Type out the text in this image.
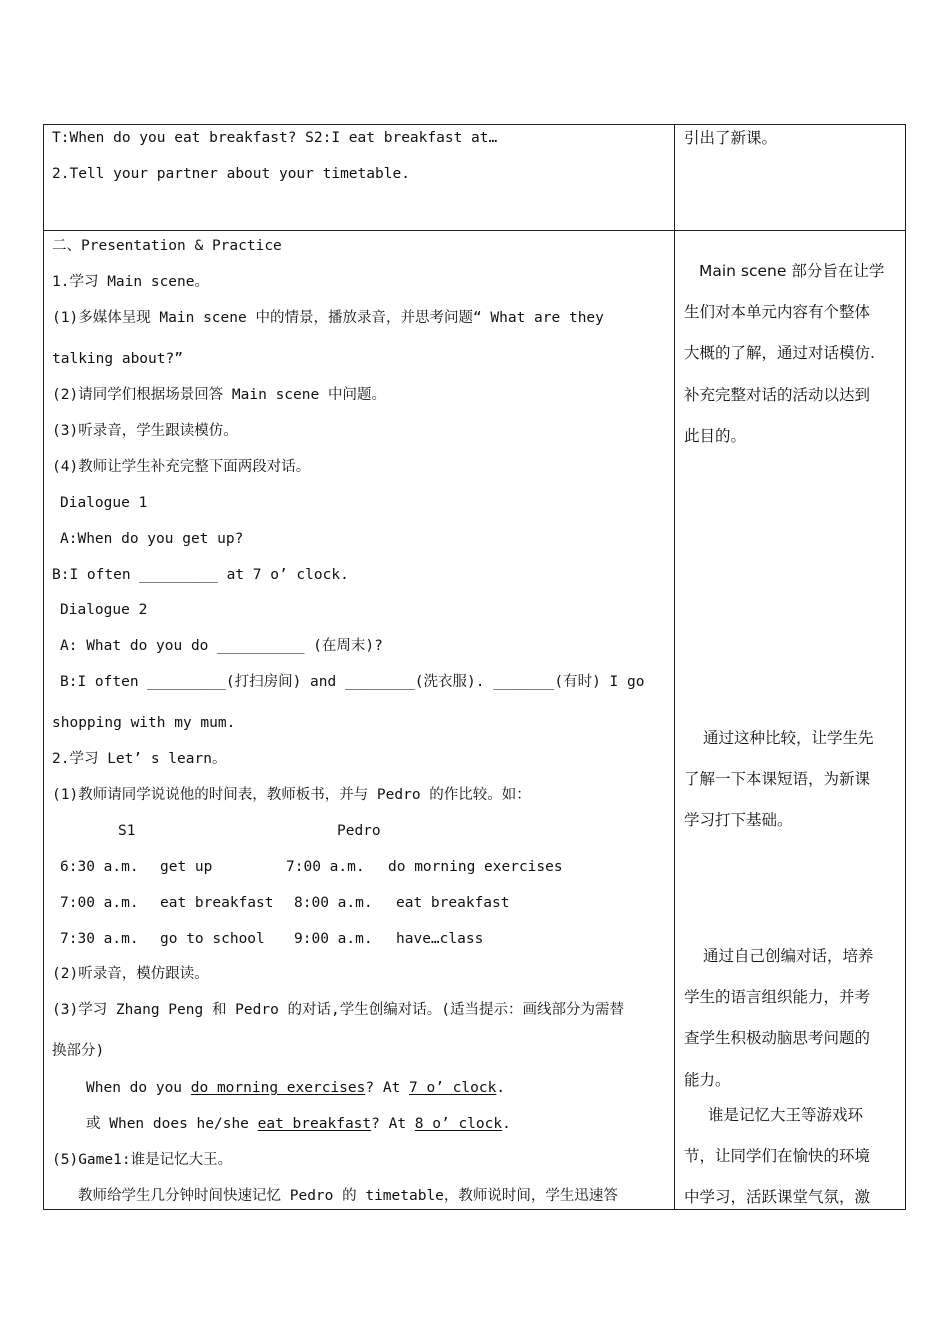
T:When do you eat breakfast? S2:I eat breakfast at…
2.Tell your partner about your timetable.
二、Presentation & Practice
1.学习 Main scene。
(1)多媒体呈现 Main scene 中的情景，播放录音，并思考问题“ What are they
talking about?”
(2)请同学们根据场景回答 Main scene 中问题。
(3)听录音，学生跟读模仿。
(4)教师让学生补充完整下面两段对话。
Dialogue 1
A:When do you get up?
B:I often _________ at 7 o’ clock.
Dialogue 2
A: What do you do __________ (在周末)?
B:I often _________(打扫房间) and ________(洗衣服). _______(有时) I go
shopping with my mum.
2.学习 Let’ s learn。
(1)教师请同学说说他的时间表，教师板书，并与 Pedro 的作比较。如：
S1	Pedro
6:30 a.m. get up	7:00 a.m. do morning exercises
7:00 a.m. eat breakfast 8:00 a.m. eat breakfast
7:30 a.m. go to school 9:00 a.m. have…class
(2)听录音，模仿跟读。
(3)学习 Zhang Peng 和 Pedro 的对话,学生创编对话。(适当提示：画线部分为需替
换部分)
When do you do morning exercises? At 7 o’ clock.
或 When does he/she eat breakfast? At 8 o’ clock.
(5)Game1:谁是记忆大王。
教师给学生几分钟时间快速记忆 Pedro 的 timetable，教师说时间，学生迅速答
引出了新课。
Main scene 部分旨在让学
生们对本单元内容有个整体
大概的了解，通过对话模仿.
补充完整对话的活动以达到
此目的。
通过这种比较，让学生先
了解一下本课短语，为新课
学习打下基础。
通过自己创编对话，培养
学生的语言组织能力，并考
查学生积极动脑思考问题的
能力。
谁是记忆大王等游戏环
节，让同学们在愉快的环境
中学习，活跃课堂气氛，激
